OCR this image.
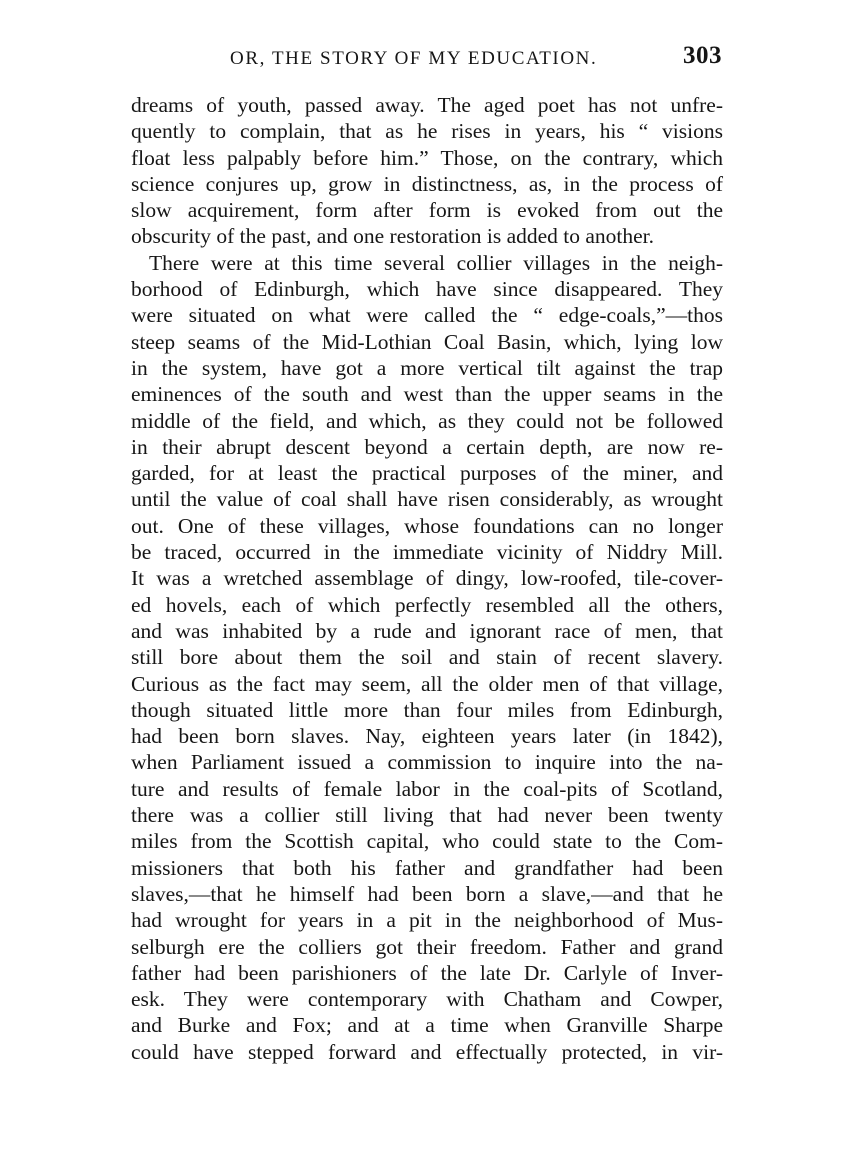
OR, THE STORY OF MY EDUCATION.	303
dreams of youth, passed away. The aged poet has not unfre-
quently to complain, that as he rises in years, his “ visions
float less palpably before him.” Those, on the contrary, which
science conjures up, grow in distinctness, as, in the process of
slow acquirement, form after form is evoked from out the
obscurity of the past, and one restoration is added to another.
There were at this time several collier villages in the neigh-
borhood of Edinburgh, which have since disappeared. They
were situated on what were called the “ edge-coals,”—thos
steep seams of the Mid-Lothian Coal Basin, which, lying low
in the system, have got a more vertical tilt against the trap
eminences of the south and west than the upper seams in the
middle of the field, and which, as they could not be followed
in their abrupt descent beyond a certain depth, are now re-
garded, for at least the practical purposes of the miner, and
until the value of coal shall have risen considerably, as wrought
out. One of these villages, whose foundations can no longer
be traced, occurred in the immediate vicinity of Niddry Mill.
It was a wretched assemblage of dingy, low-roofed, tile-cover-
ed hovels, each of which perfectly resembled all the others,
and was inhabited by a rude and ignorant race of men, that
still bore about them the soil and stain of recent slavery.
Curious as the fact may seem, all the older men of that village,
though situated little more than four miles from Edinburgh,
had been born slaves. Nay, eighteen years later (in 1842),
when Parliament issued a commission to inquire into the na-
ture and results of female labor in the coal-pits of Scotland,
there was a collier still living that had never been twenty
miles from the Scottish capital, who could state to the Com-
missioners that both his father and grandfather had been
slaves,—that he himself had been born a slave,—and that he
had wrought for years in a pit in the neighborhood of Mus-
selburgh ere the colliers got their freedom. Father and grand
father had been parishioners of the late Dr. Carlyle of Inver-
esk. They were contemporary with Chatham and Cowper,
and Burke and Fox; and at a time when Granville Sharpe
could have stepped forward and effectually protected, in vir-
